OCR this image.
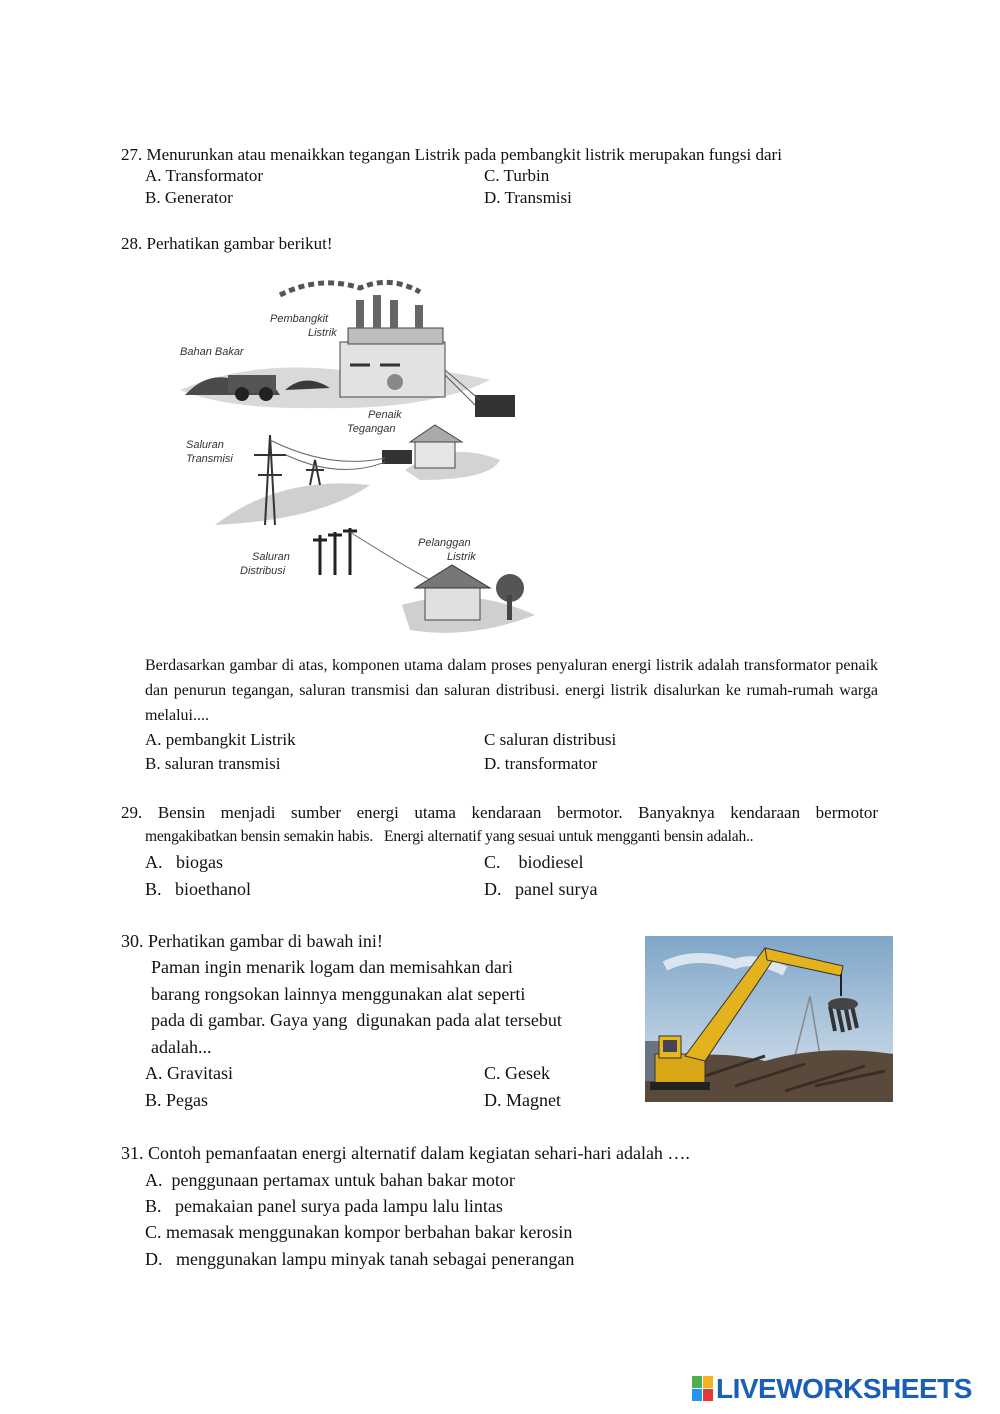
27. Menurunkan atau menaikkan tegangan Listrik pada pembangkit listrik merupakan fungsi dari
A. Transformator	C. Turbin
B. Generator	D. Transmisi
28. Perhatikan gambar berikut!
Pembangkit
Listrik
Bahan Bakar
Penaik
Tegangan
Saluran
Transmisi
Saluran
Distribusi
Pelanggan
Listrik
Berdasarkan gambar di atas, komponen utama dalam proses penyaluran energi listrik adalah transformator penaik dan penurun tegangan, saluran transmisi dan saluran distribusi. energi listrik disalurkan ke rumah-rumah warga melalui....
A. pembangkit Listrik	C saluran distribusi
B. saluran transmisi	D. transformator
29. Bensin menjadi sumber energi utama kendaraan bermotor. Banyaknya kendaraan bermotor
mengakibatkan bensin semakin habis.   Energi alternatif yang sesuai untuk mengganti bensin adalah..
A.   biogas	C.    biodiesel
B.   bioethanol	D.   panel surya
30. Perhatikan gambar di bawah ini!
Paman ingin menarik logam dan memisahkan dari
barang rongsokan lainnya menggunakan alat seperti
pada di gambar. Gaya yang  digunakan pada alat tersebut
adalah...
A. Gravitasi	C. Gesek
B. Pegas	D. Magnet
31. Contoh pemanfaatan energi alternatif dalam kegiatan sehari-hari adalah ….
A.  penggunaan pertamax untuk bahan bakar motor
B.   pemakaian panel surya pada lampu lalu lintas
C. memasak menggunakan kompor berbahan bakar kerosin
D.   menggunakan lampu minyak tanah sebagai penerangan
LIVEWORKSHEETS
